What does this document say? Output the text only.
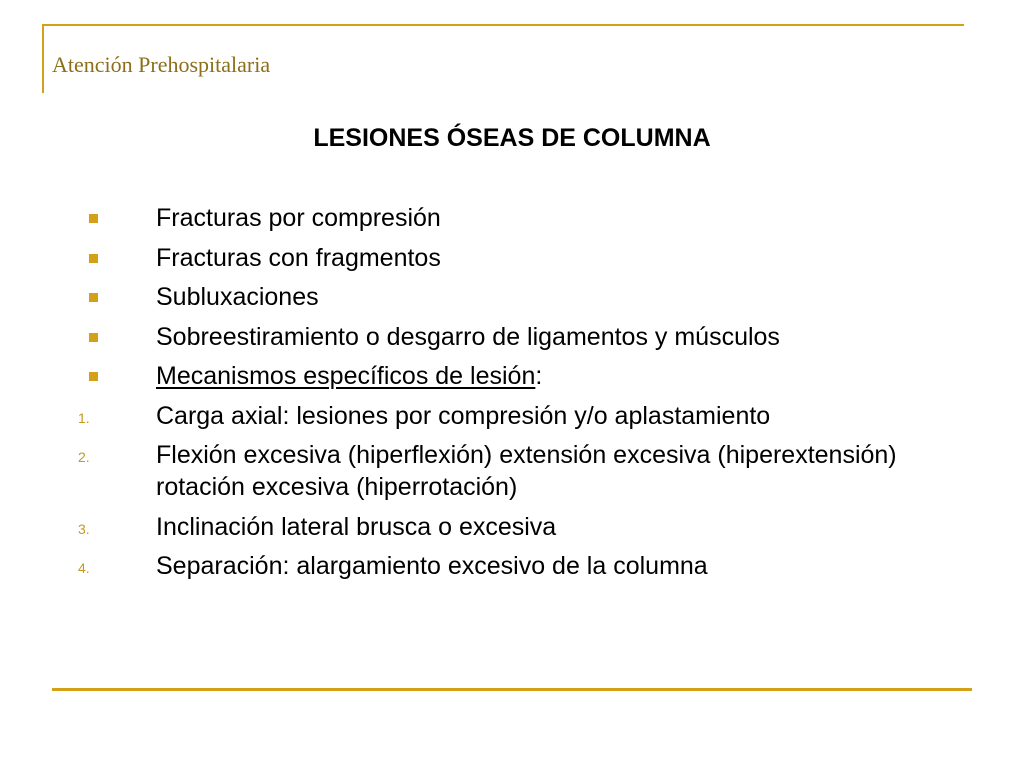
Atención Prehospitalaria
LESIONES ÓSEAS DE COLUMNA
Fracturas por compresión
Fracturas con fragmentos
Subluxaciones
Sobreestiramiento o desgarro de ligamentos y músculos
Mecanismos específicos de lesión:
1.	Carga axial: lesiones por compresión y/o aplastamiento
2.	Flexión excesiva (hiperflexión) extensión excesiva (hiperextensión) rotación excesiva (hiperrotación)
3.	Inclinación lateral brusca o excesiva
4.	Separación: alargamiento excesivo de la columna
